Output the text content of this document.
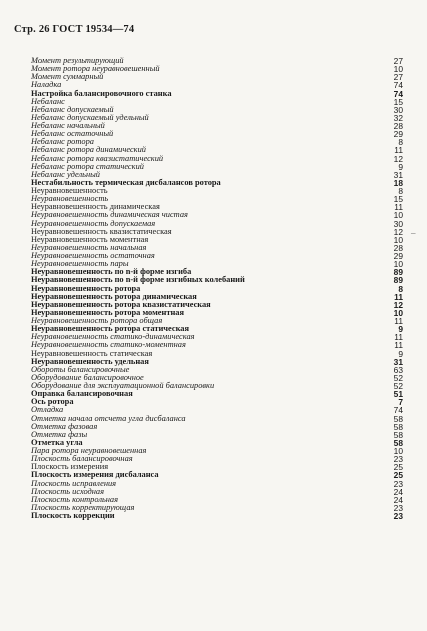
Стр. 26 ГОСТ 19534—74
Момент результирующий	27
Момент ротора неуравновешенный	10
Момент суммарный	27
Наладка	74
Настройка балансировочного станка	74
Небаланс	15
Небаланс допускаемый	30
Небаланс допускаемый удельный	32
Небаланс начальный	28
Небаланс остаточный	29
Небаланс ротора	8
Небаланс ротора динамический	11
Небаланс ротора квазистатический	12
Небаланс ротора статический	9
Небаланс удельный	31
Нестабильность термическая дисбалансов ротора	18
Неуравновешенность	8
Неуравновешенность	15
Неуравновешенность динамическая	11
Неуравновешенность динамическая чистая	10
Неуравновешенность допускаемая	30
Неуравновешенность квазистатическая	12
Неуравновешенность моментная	10
Неуравновешенность начальная	28
Неуравновешенность остаточная	29
Неуравновешенность пары	10
Неуравновешенность по n-й форме изгиба	89
Неуравновешенность по n-й форме изгибных колебаний	89
Неуравновешенность ротора	8
Неуравновешенность ротора динамическая	11
Неуравновешенность ротора квазистатическая	12
Неуравновешенность ротора моментная	10
Неуравновешенность ротора общая	11
Неуравновешенность ротора статическая	9
Неуравновешенность статико-динамическая	11
Неуравновешенность статико-моментная	11
Неуравновешенность статическая	9
Неуравновешенность удельная	31
Обороты балансировочные	63
Оборудование балансировочное	52
Оборудование для эксплуатационной балансировки	52
Оправка балансировочная	51
Ось ротора	7
Отладка	74
Отметка начала отсчета угла дисбаланса	58
Отметка фазовая	58
Отметка фазы	58
Отметка угла	58
Пара ротора неуравновешенная	10
Плоскость балансировочная	23
Плоскость измерения	25
Плоскость измерения дисбаланса	25
Плоскость исправления	23
Плоскость исходная	24
Плоскость контрольная	24
Плоскость корректирующая	23
Плоскость коррекции	23
–
